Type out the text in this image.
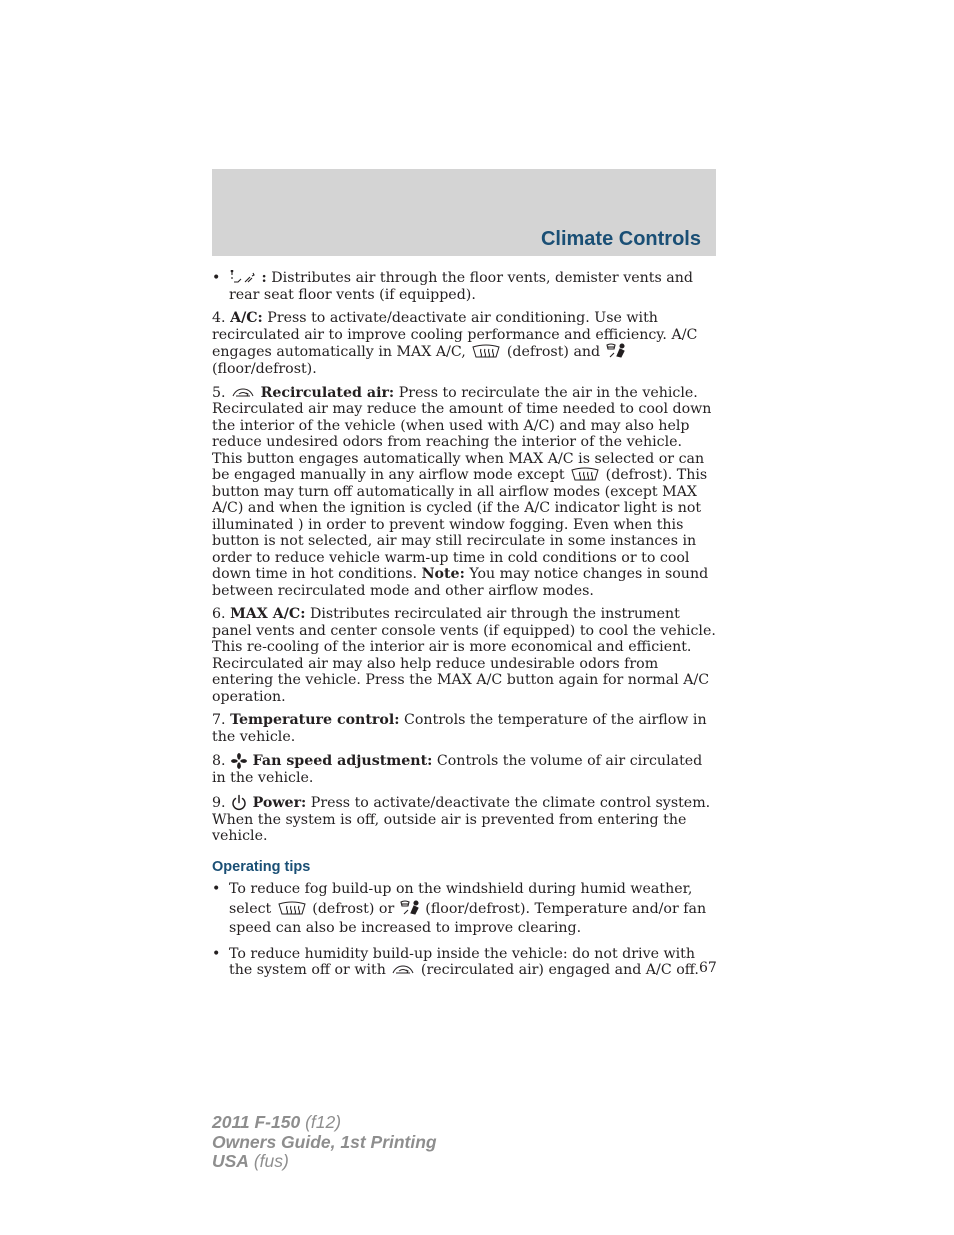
Climate Controls

•	: Distributes air through the floor vents, demister vents and rear seat floor vents (if equipped).

4. A/C: Press to activate/deactivate air conditioning. Use with recirculated air to improve cooling performance and efficiency. A/C engages automatically in MAX A/C,	(defrost) and

(floor/defrost).

5. Recirculated air: Press to recirculate the air in the vehicle. Recirculated air may reduce the amount of time needed to cool down the interior of the vehicle (when used with A/C) and may also help reduce undesired odors from reaching the interior of the vehicle. This button engages automatically when MAX A/C is selected or can be engaged manually in any airflow mode except	(defrost). This button may turn off automatically in all airflow modes (except MAX A/C) and when the ignition is cycled (if the A/C indicator light is not illuminated ) in order to prevent window fogging. Even when this button is not selected, air may still recirculate in some instances in order to reduce vehicle warm-up time in cold conditions or to cool down time in hot conditions. Note: You may notice changes in sound between recirculated mode and other airflow modes.

6. MAX A/C: Distributes recirculated air through the instrument panel vents and center console vents (if equipped) to cool the vehicle. This re-cooling of the interior air is more economical and efficient. Recirculated air may also help reduce undesirable odors from entering the vehicle. Press the MAX A/C button again for normal A/C operation.

7. Temperature control: Controls the temperature of the airflow in the vehicle.

8. Fan speed adjustment: Controls the volume of air circulated in the vehicle.

9. Power: Press to activate/deactivate the climate control system. When the system is off, outside air is prevented from entering the vehicle.

Operating tips

• To reduce fog build-up on the windshield during humid weather, select	(defrost) or (floor/defrost). Temperature and/or fan speed can also be increased to improve clearing.

• To reduce humidity build-up inside the vehicle: do not drive with the system off or with (recirculated air) engaged and A/C off. 67
2011 F-150 (f12)
Owners Guide, 1st Printing
USA (fus)
